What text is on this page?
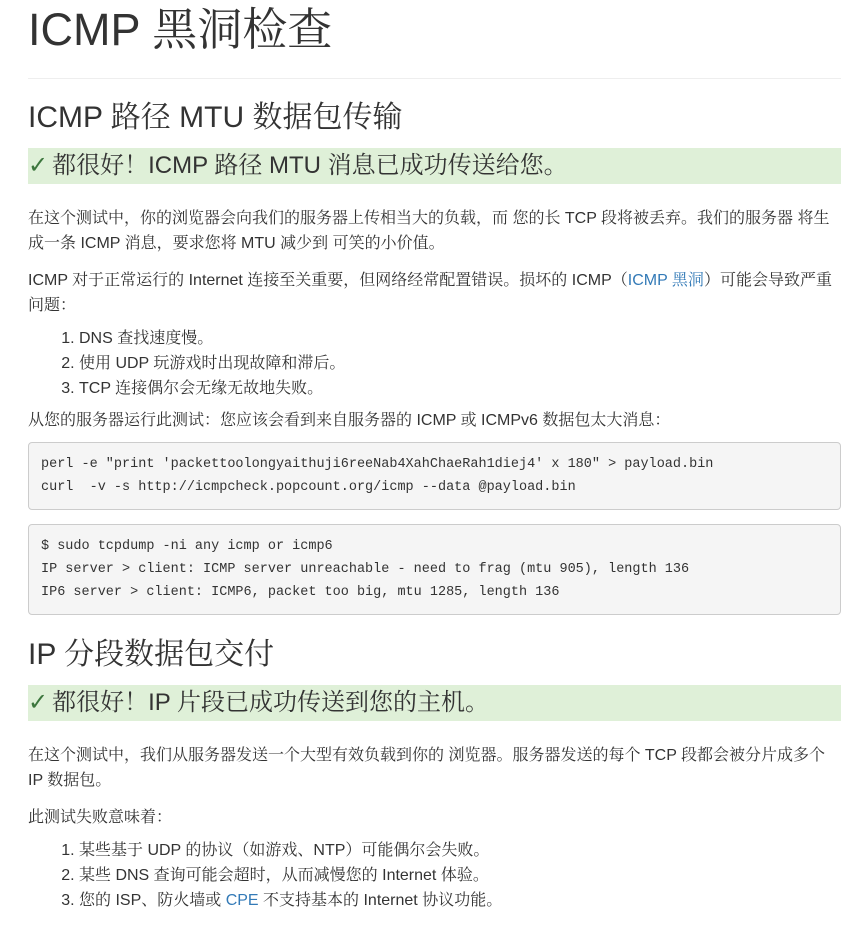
ICMP 黑洞检查
ICMP 路径 MTU 数据包传输
✓ 都很好！ICMP 路径 MTU 消息已成功传送给您。

在这个测试中，你的浏览器会向我们的服务器上传相当大的负载，而 您的长 TCP 段将被丢弃。我们的服务器 将生成一条 ICMP 消息，要求您将 MTU 减少到 可笑的小价值。

ICMP 对于正常运行的 Internet 连接至关重要，但网络经常配置错误。损坏的 ICMP（ICMP 黑洞）可能会导致严重问题：

1. DNS 查找速度慢。
2. 使用 UDP 玩游戏时出现故障和滞后。
3. TCP 连接偶尔会无缘无故地失败。

从您的服务器运行此测试：您应该会看到来自服务器的 ICMP 或 ICMPv6 数据包太大消息：

perl -e "print 'packettoolongyaithuji6reeNab4XahChaeRah1diej4' x 180" > payload.bin
curl  -v -s http://icmpcheck.popcount.org/icmp --data @payload.bin
$ sudo tcpdump -ni any icmp or icmp6
IP server > client: ICMP server unreachable - need to frag (mtu 905), length 136
IP6 server > client: ICMP6, packet too big, mtu 1285, length 136
IP 分段数据包交付
✓ 都很好！IP 片段已成功传送到您的主机。

在这个测试中，我们从服务器发送一个大型有效负载到你的 浏览器。服务器发送的每个 TCP 段都会被分片成多个 IP 数据包。

此测试失败意味着：

1. 某些基于 UDP 的协议（如游戏、NTP）可能偶尔会失败。
2. 某些 DNS 查询可能会超时，从而减慢您的 Internet 体验。
3. 您的 ISP、防火墙或 CPE 不支持基本的 Internet 协议功能。
